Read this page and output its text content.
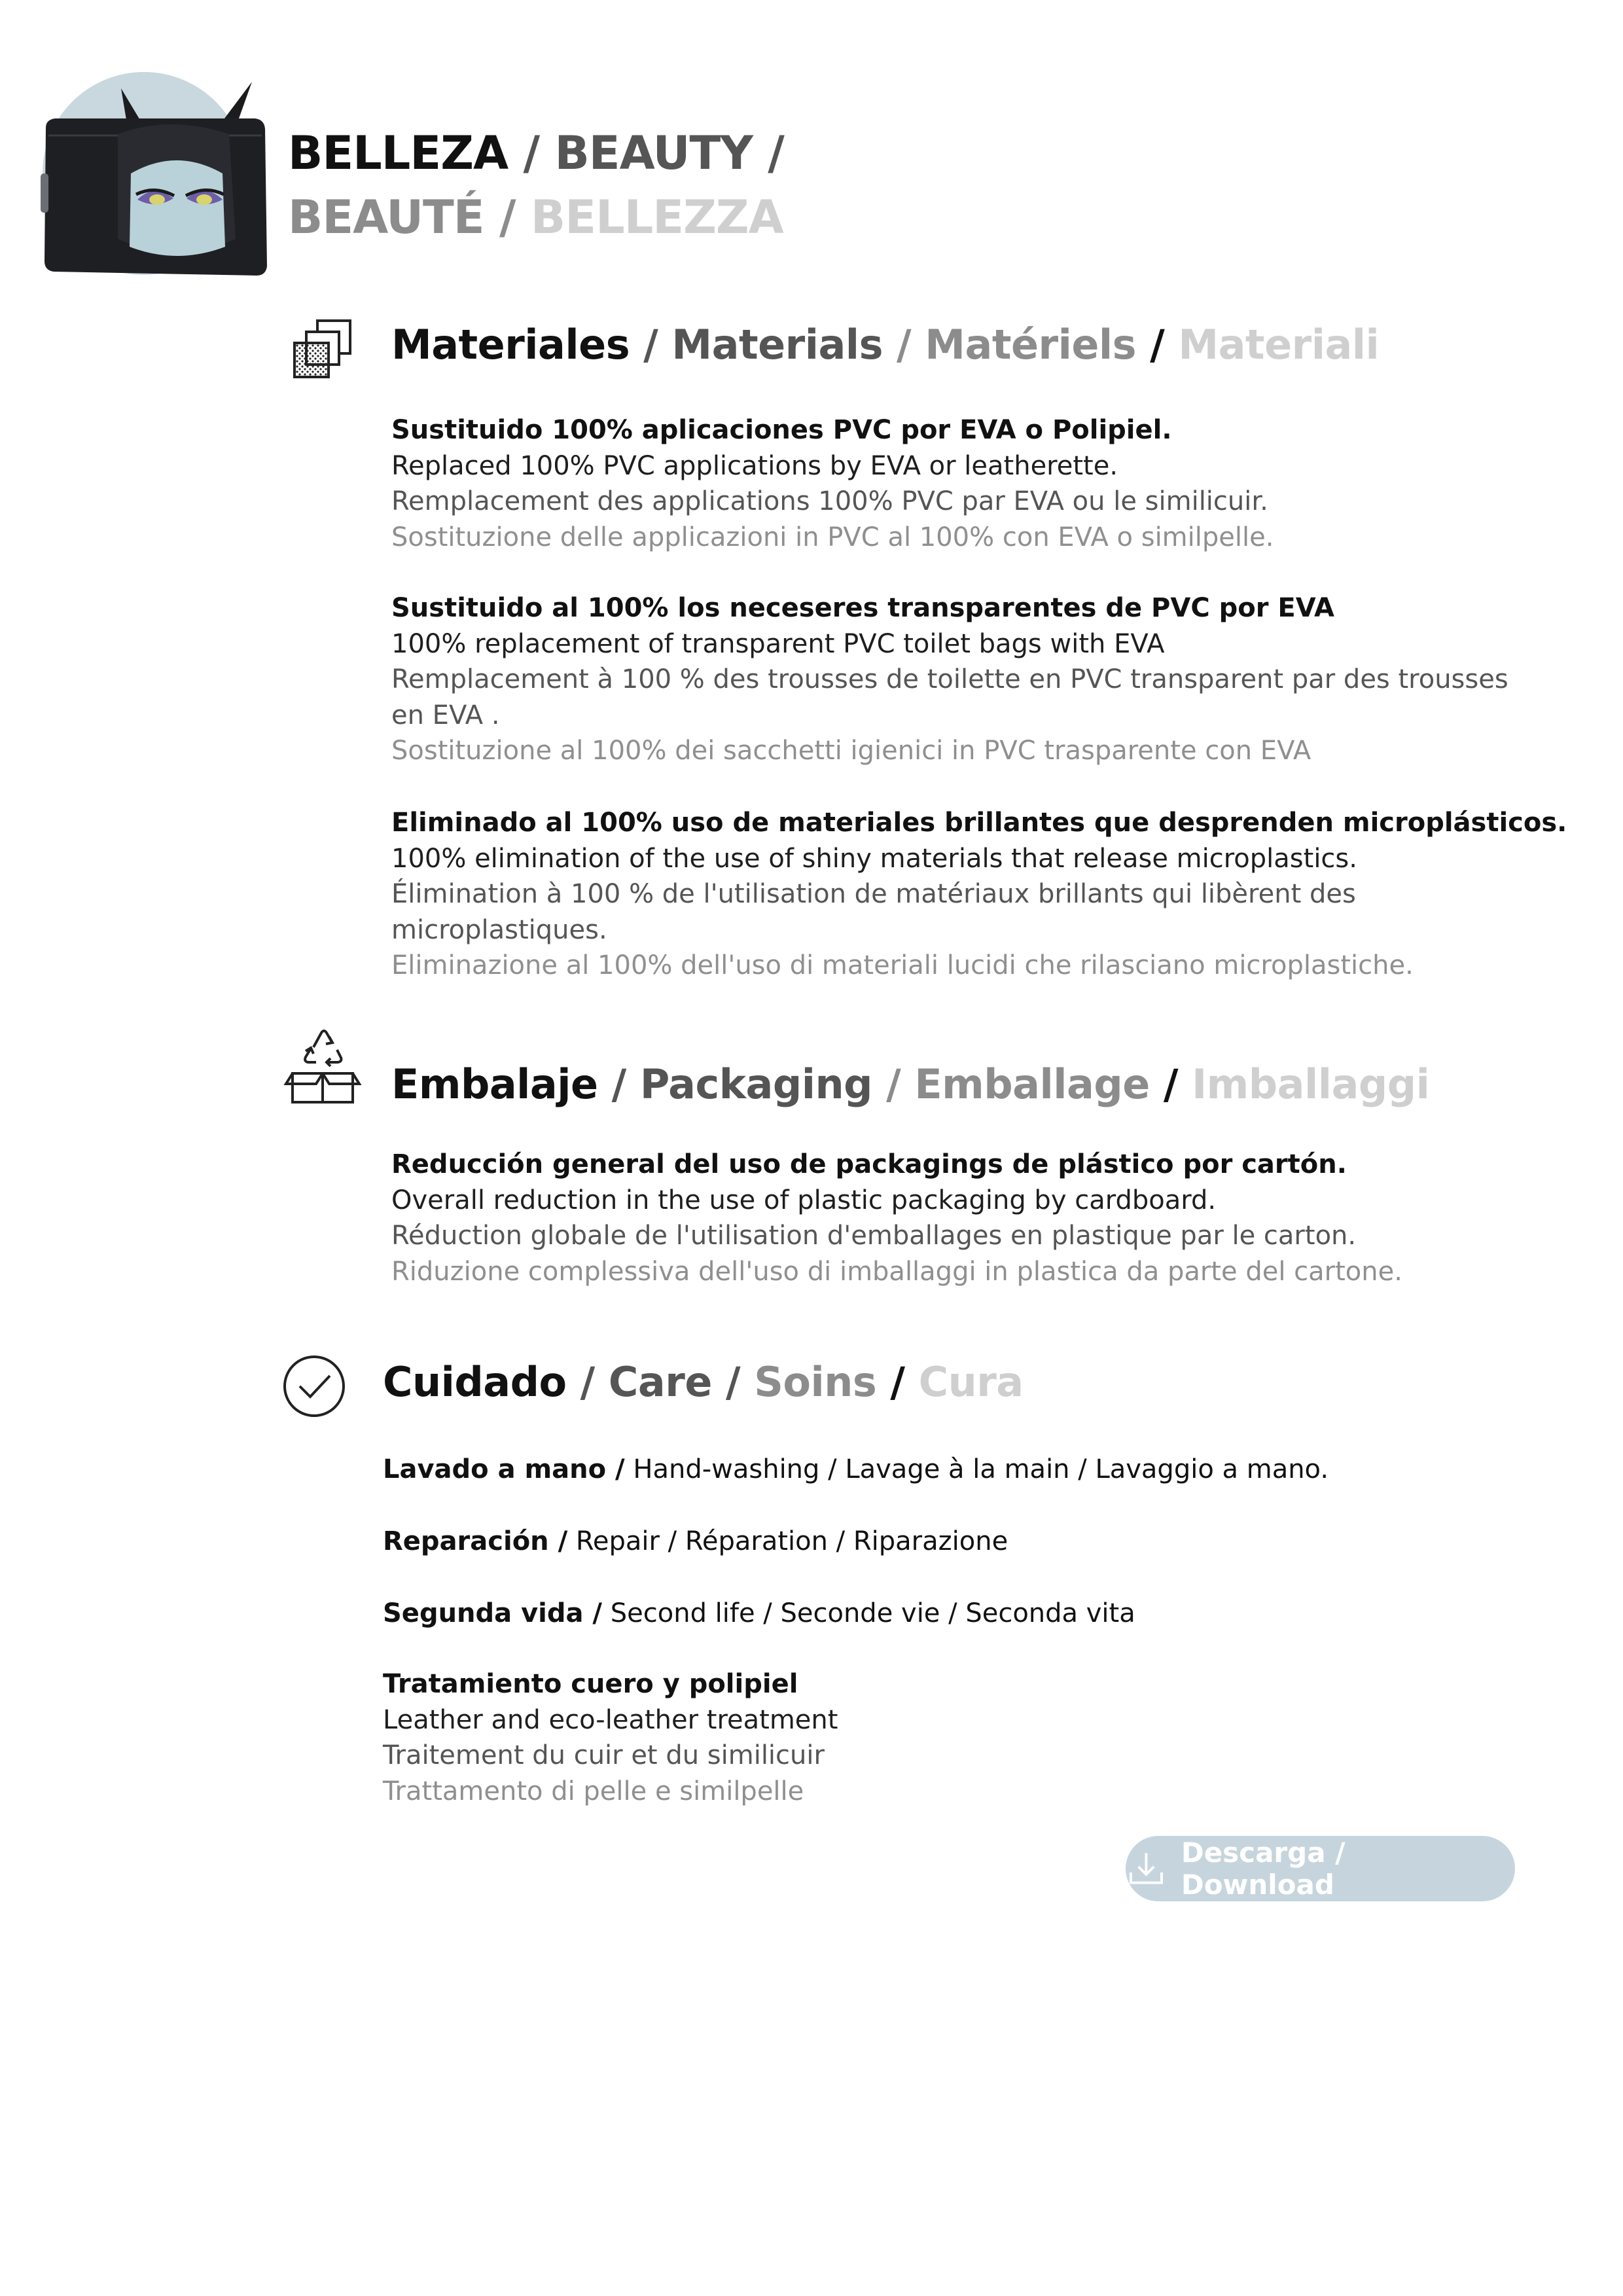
BELLEZA / BEAUTY /
BEAUTÉ / BELLEZZA
Materiales / Materials / Matériels / Materiali

Sustituido 100% aplicaciones PVC por EVA o Polipiel.

Replaced 100% PVC applications by EVA or leatherette.

Remplacement des applications 100% PVC par EVA ou le similicuir.

Sostituzione delle applicazioni in PVC al 100% con EVA o similpelle.

Sustituido al 100% los neceseres transparentes de PVC por EVA

100% replacement of transparent PVC toilet bags with EVA

Remplacement à 100 % des trousses de toilette en PVC transparent par des trousses en EVA .

Sostituzione al 100% dei sacchetti igienici in PVC trasparente con EVA

Eliminado al 100% uso de materiales brillantes que desprenden microplásticos.

100% elimination of the use of shiny materials that release microplastics.

Élimination à 100 % de l'utilisation de matériaux brillants qui libèrent des microplastiques.

Eliminazione al 100% dell'uso di materiali lucidi che rilasciano microplastiche.

Embalaje / Packaging / Emballage / Imballaggi

Reducción general del uso de packagings de plástico por cartón.

Overall reduction in the use of plastic packaging by cardboard.

Réduction globale de l'utilisation d'emballages en plastique par le carton.

Riduzione complessiva dell'uso di imballaggi in plastica da parte del cartone.

Cuidado / Care / Soins / Cura

Lavado a mano / Hand-washing / Lavage à la main / Lavaggio a mano.

Reparación / Repair / Réparation / Riparazione

Segunda vida / Second life / Seconde vie / Seconda vita

Tratamiento cuero y polipiel

Leather and eco-leather treatment

Traitement du cuir et du similicuir

Trattamento di pelle e similpelle

Descarga / Download
